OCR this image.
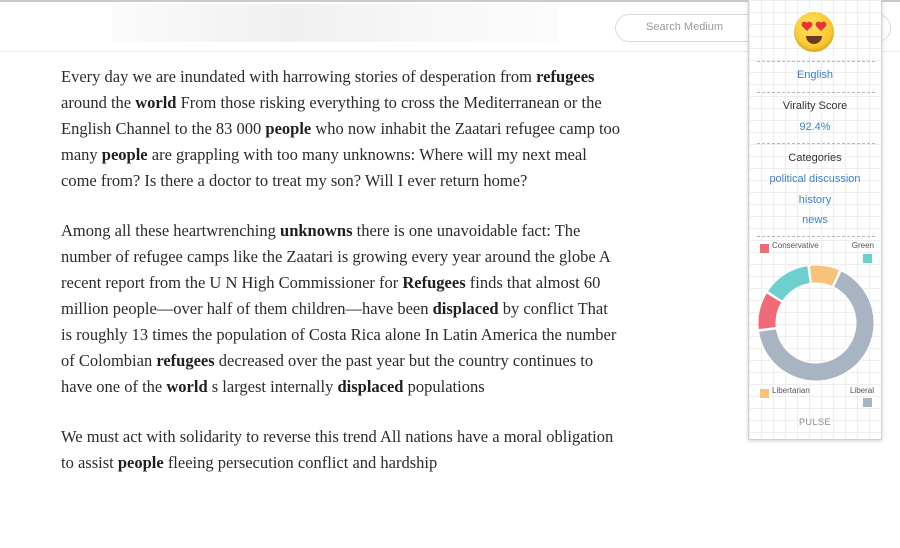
Search Medium

Every day we are inundated with harrowing stories of desperation from refugees around the world From those risking everything to cross the Mediterranean or the English Channel to the 83 000 people who now inhabit the Zaatari refugee camp too many people are grappling with too many unknowns: Where will my next meal come from? Is there a doctor to treat my son? Will I ever return home?

Among all these heartwrenching unknowns there is one unavoidable fact: The number of refugee camps like the Zaatari is growing every year around the globe A recent report from the U N High Commissioner for Refugees finds that almost 60 million people—over half of them children—have been displaced by conflict That is roughly 13 times the population of Costa Rica alone In Latin America the number of Colombian refugees decreased over the past year but the country continues to have one of the world s largest internally displaced populations

We must act with solidarity to reverse this trend All nations have a moral obligation to assist people fleeing persecution conflict and hardship

English
Virality Score
92.4%
Categories
political discussion
history
news
Conservative	Green
Libertarian	Liberal
PULSE
